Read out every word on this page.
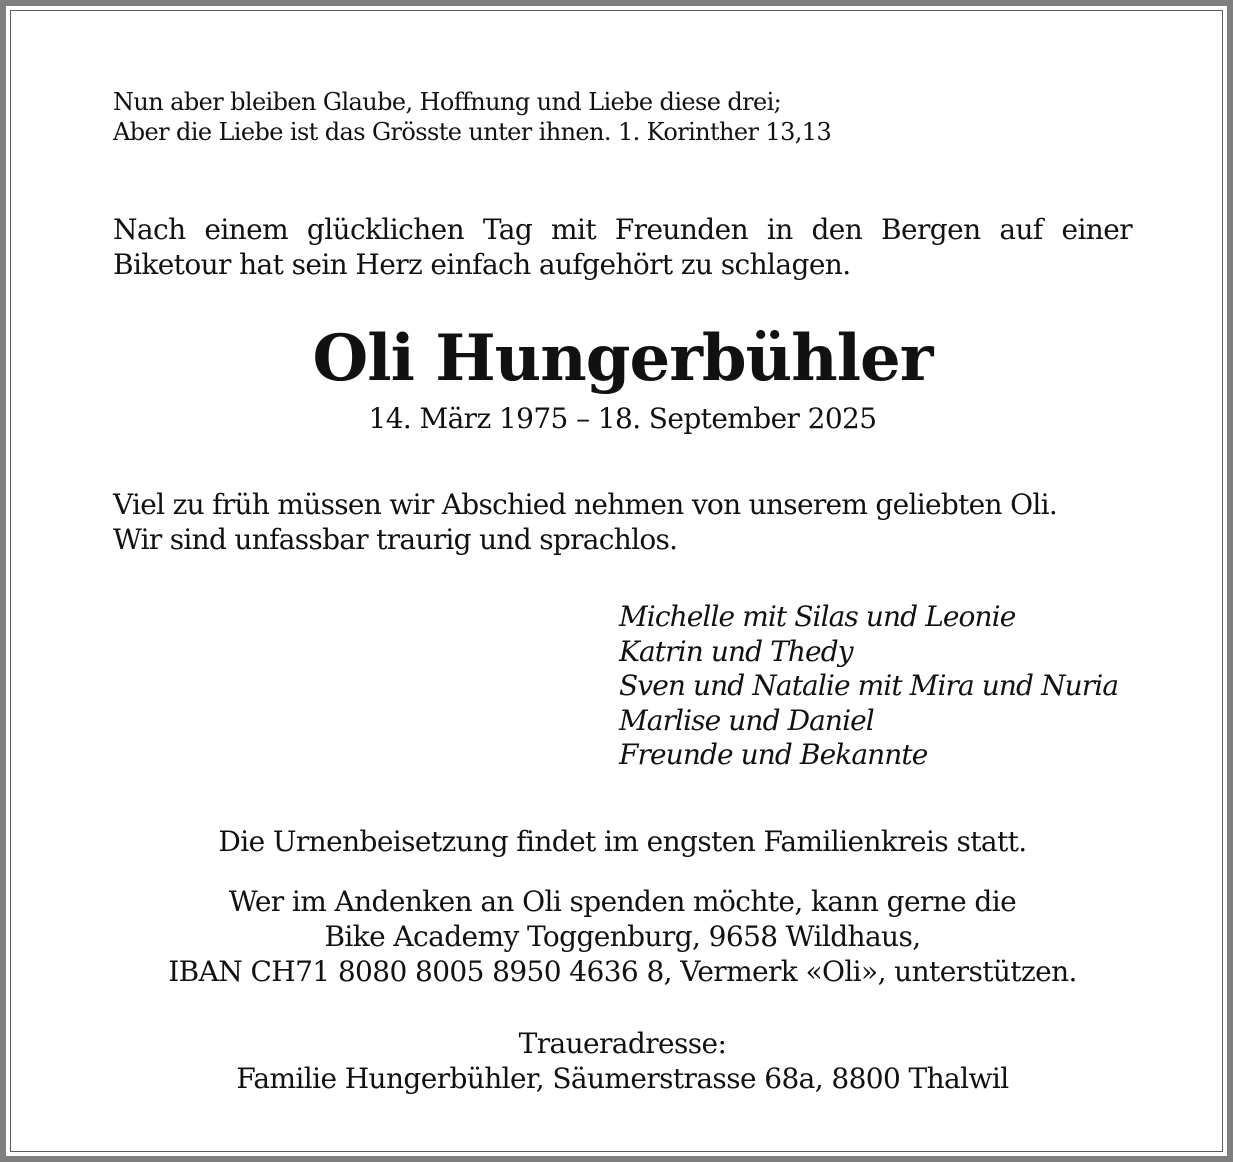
Nun aber bleiben Glaube, Hoffnung und Liebe diese drei;
Aber die Liebe ist das Grösste unter ihnen. 1. Korinther 13,13
Nach einem glücklichen Tag mit Freunden in den Bergen auf einer
Biketour hat sein Herz einfach aufgehört zu schlagen.
Oli Hungerbühler
14. März 1975 – 18. September 2025
Viel zu früh müssen wir Abschied nehmen von unserem geliebten Oli.
Wir sind unfassbar traurig und sprachlos.
Michelle mit Silas und Leonie
Katrin und Thedy
Sven und Natalie mit Mira und Nuria
Marlise und Daniel
Freunde und Bekannte
Die Urnenbeisetzung findet im engsten Familienkreis statt.
Wer im Andenken an Oli spenden möchte, kann gerne die
Bike Academy Toggenburg, 9658 Wildhaus,
IBAN CH71 8080 8005 8950 4636 8, Vermerk «Oli», unterstützen.
Traueradresse:
Familie Hungerbühler, Säumerstrasse 68a, 8800 Thalwil
